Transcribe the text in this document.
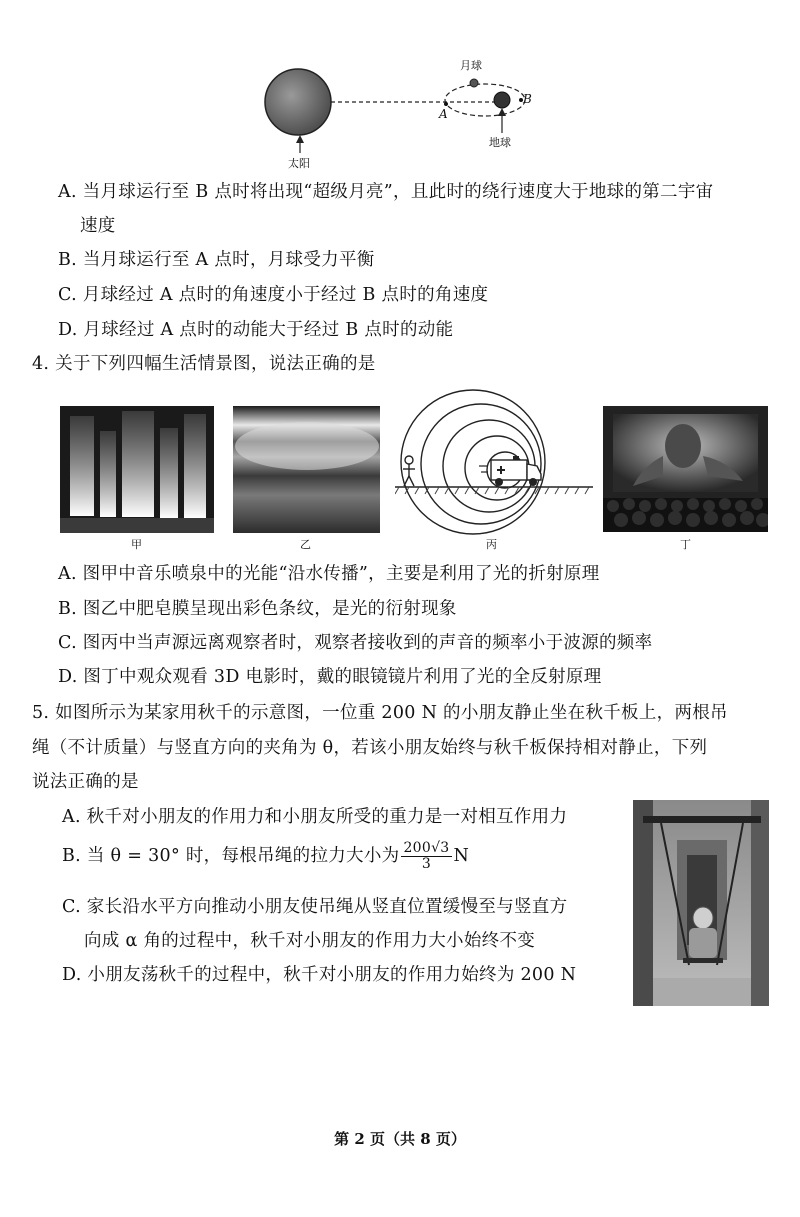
月球
B
A
太阳
地球
A. 当月球运行至 B 点时将出现“超级月亮”，且此时的绕行速度大于地球的第二宇宙
速度
B. 当月球运行至 A 点时，月球受力平衡
C. 月球经过 A 点时的角速度小于经过 B 点时的角速度
D. 月球经过 A 点时的动能大于经过 B 点时的动能
4. 关于下列四幅生活情景图，说法正确的是
甲	乙	丙	丁
A. 图甲中音乐喷泉中的光能“沿水传播”，主要是利用了光的折射原理
B. 图乙中肥皂膜呈现出彩色条纹，是光的衍射现象
C. 图丙中当声源远离观察者时，观察者接收到的声音的频率小于波源的频率
D. 图丁中观众观看 3D 电影时，戴的眼镜镜片利用了光的全反射原理
5. 如图所示为某家用秋千的示意图，一位重 200 N 的小朋友静止坐在秋千板上，两根吊
绳（不计质量）与竖直方向的夹角为 θ，若该小朋友始终与秋千板保持相对静止，下列
说法正确的是
A. 秋千对小朋友的作用力和小朋友所受的重力是一对相互作用力
B. 当 θ = 30° 时，每根吊绳的拉力大小为 $\frac{200√3}{3}$ N
C. 家长沿水平方向推动小朋友使吊绳从竖直位置缓慢至与竖直方
向成 α 角的过程中，秋千对小朋友的作用力大小始终不变
D. 小朋友荡秋千的过程中，秋千对小朋友的作用力始终为 200 N
第 2 页（共 8 页）
